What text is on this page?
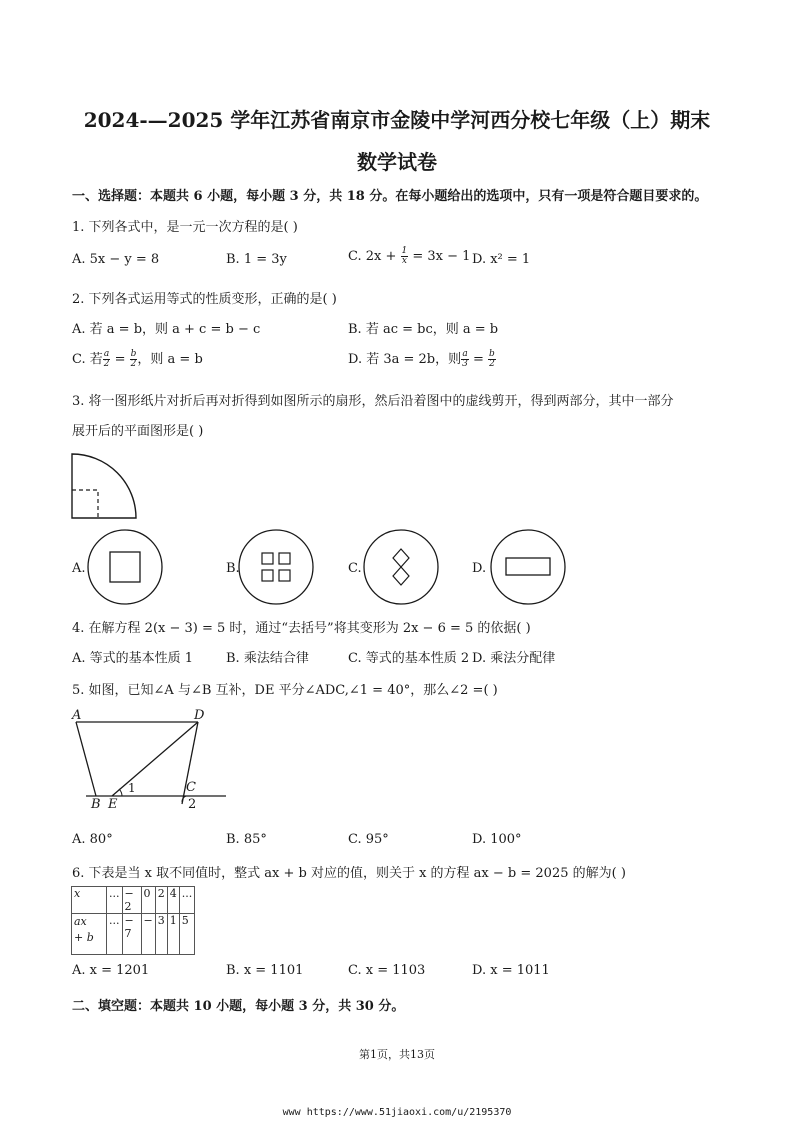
2024-—2025 学年江苏省南京市金陵中学河西分校七年级（上）期末
数学试卷
一、选择题：本题共 6 小题，每小题 3 分，共 18 分。在每小题给出的选项中，只有一项是符合题目要求的。
1. 下列各式中，是一元一次方程的是( )
A. 5x − y = 8	B. 1 = 3y	C. $2x + \frac{1}{x} = 3x - 1$ D. x² = 1
2. 下列各式运用等式的性质变形，正确的是( )
A. 若 a = b，则 a + c = b − c	B. 若 ac = bc，则 a = b
C. 若 $\frac{a}{2} = \frac{b}{2}$ ，则 a = b	D. 若 3a = 2b，则 $\frac{a}{3} = \frac{b}{2}$
3. 将一图形纸片对折后再对折得到如图所示的扇形，然后沿着图中的虚线剪开，得到两部分，其中一部分
展开后的平面图形是( )
A.	B.	C.	D.
4. 在解方程 2(x − 3) = 5 时，通过“去括号”将其变形为 2x − 6 = 5 的依据( )
A. 等式的基本性质 1	B. 乘法结合律	C. 等式的基本性质 2 D. 乘法分配律
5. 如图，已知∠A 与∠B 互补，DE 平分∠ADC,∠1 = 40°，那么∠2 =( )
A	D
B E
C
1
2
A. 80°	B. 85°	C. 95°	D. 100°
6. 下表是当 x 取不同值时，整式 ax + b 对应的值，则关于 x 的方程 ax − b = 2025 的解为( )
x	...	− 2	0	2	4	...
ax
+ b	...	− 7	−	3	1	5
A. x = 1201	B. x = 1101	C. x = 1103	D. x = 1011
二、填空题：本题共 10 小题，每小题 3 分，共 30 分。
第1页，共13页
www https://www.51jiaoxi.com/u/2195370
